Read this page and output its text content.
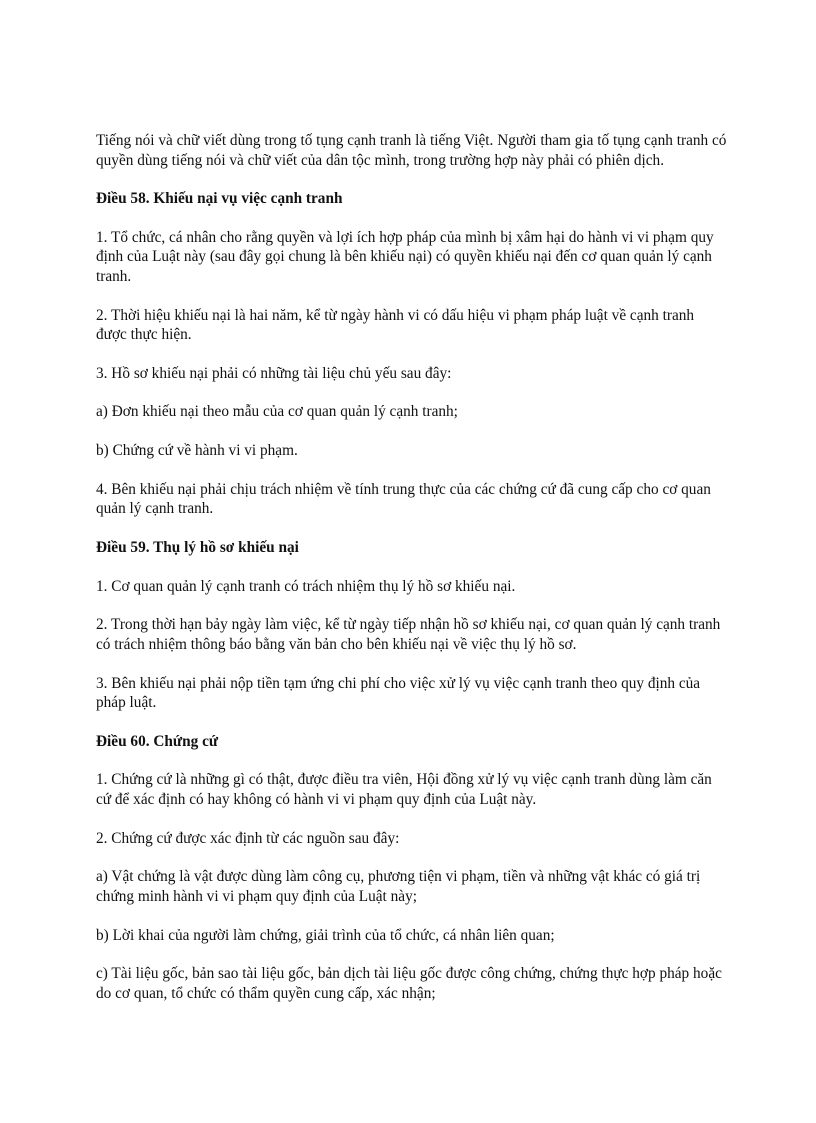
Tiếng nói và chữ viết dùng trong tố tụng cạnh tranh là tiếng Việt. Người tham gia tố tụng cạnh tranh có quyền dùng tiếng nói và chữ viết của dân tộc mình, trong trường hợp này phải có phiên dịch.

Điều 58. Khiếu nại vụ việc cạnh tranh

1. Tổ chức, cá nhân cho rằng quyền và lợi ích hợp pháp của mình bị xâm hại do hành vi vi phạm quy định của Luật này (sau đây gọi chung là bên khiếu nại) có quyền khiếu nại đến cơ quan quản lý cạnh tranh.

2. Thời hiệu khiếu nại là hai năm, kể từ ngày hành vi có dấu hiệu vi phạm pháp luật về cạnh tranh được thực hiện.

3. Hồ sơ khiếu nại phải có những tài liệu chủ yếu sau đây:

a) Đơn khiếu nại theo mẫu của cơ quan quản lý cạnh tranh;

b) Chứng cứ về hành vi vi phạm.

4. Bên khiếu nại phải chịu trách nhiệm về tính trung thực của các chứng cứ đã cung cấp cho cơ quan quản lý cạnh tranh.

Điều 59. Thụ lý hồ sơ khiếu nại

1. Cơ quan quản lý cạnh tranh có trách nhiệm thụ lý hồ sơ khiếu nại.

2. Trong thời hạn bảy ngày làm việc, kể từ ngày tiếp nhận hồ sơ khiếu nại, cơ quan quản lý cạnh tranh có trách nhiệm thông báo bằng văn bản cho bên khiếu nại về việc thụ lý hồ sơ.

3. Bên khiếu nại phải nộp tiền tạm ứng chi phí cho việc xử lý vụ việc cạnh tranh theo quy định của pháp luật.

Điều 60. Chứng cứ

1. Chứng cứ là những gì có thật, được điều tra viên, Hội đồng xử lý vụ việc cạnh tranh dùng làm căn cứ để xác định có hay không có hành vi vi phạm quy định của Luật này.

2. Chứng cứ được xác định từ các nguồn sau đây:

a) Vật chứng là vật được dùng làm công cụ, phương tiện vi phạm, tiền và những vật khác có giá trị chứng minh hành vi vi phạm quy định của Luật này;

b) Lời khai của người làm chứng, giải trình của tổ chức, cá nhân liên quan;

c) Tài liệu gốc, bản sao tài liệu gốc, bản dịch tài liệu gốc được công chứng, chứng thực hợp pháp hoặc do cơ quan, tổ chức có thẩm quyền cung cấp, xác nhận;
